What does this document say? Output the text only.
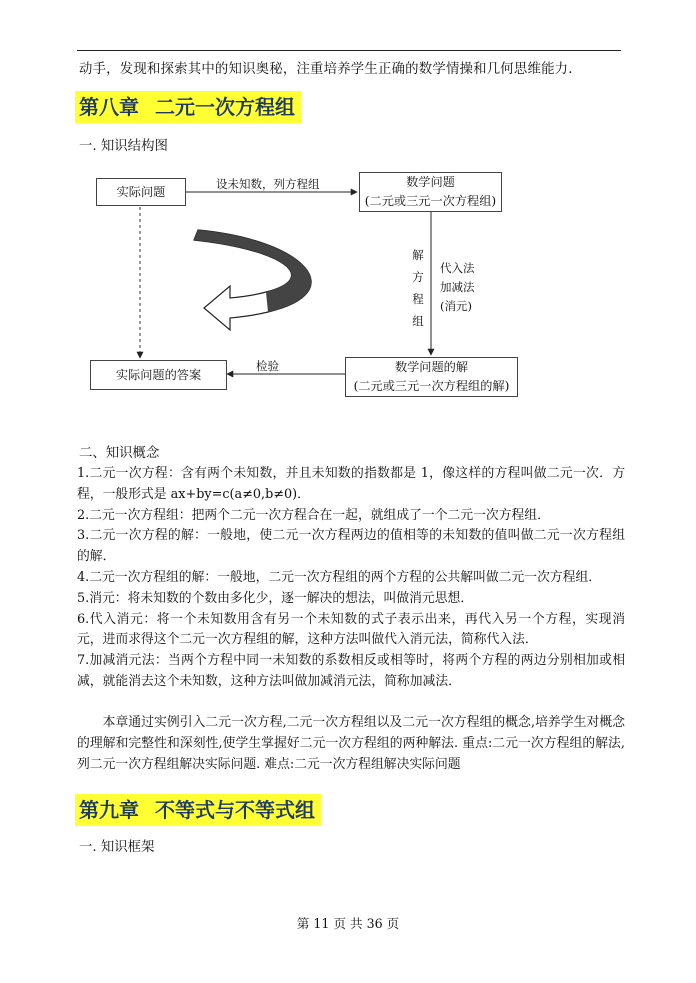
动手，发现和探索其中的知识奥秘，注重培养学生正确的数学情操和几何思维能力．
第八章 二元一次方程组
一. 知识结构图
实际问题
设未知数，列方程组	数学问题
(二元或三元一次方程组)
解
方
程
组
代入法
加减法
(消元)
数学问题的解
(二元或三元一次方程组的解)
检验
实际问题的答案
二、知识概念

1.二元一次方程：含有两个未知数，并且未知数的指数都是 1，像这样的方程叫做二元一次．方程，一般形式是 ax+by=c(a≠0,b≠0)．

2.二元一次方程组：把两个二元一次方程合在一起，就组成了一个二元一次方程组．

3.二元一次方程的解：一般地，使二元一次方程两边的值相等的未知数的值叫做二元一次方程组的解．

4.二元一次方程组的解：一般地，二元一次方程组的两个方程的公共解叫做二元一次方程组．

5.消元：将未知数的个数由多化少，逐一解决的想法，叫做消元思想．

6.代入消元：将一个未知数用含有另一个未知数的式子表示出来，再代入另一个方程，实现消元，进而求得这个二元一次方程组的解，这种方法叫做代入消元法，简称代入法．

7.加减消元法：当两个方程中同一未知数的系数相反或相等时，将两个方程的两边分别相加或相减，就能消去这个未知数，这种方法叫做加减消元法，简称加减法．

本章通过实例引入二元一次方程,二元一次方程组以及二元一次方程组的概念,培养学生对概念的理解和完整性和深刻性,使学生掌握好二元一次方程组的两种解法. 重点:二元一次方程组的解法,列二元一次方程组解决实际问题. 难点:二元一次方程组解决实际问题

第九章 不等式与不等式组
一. 知识框架
第 11 页 共 36 页
